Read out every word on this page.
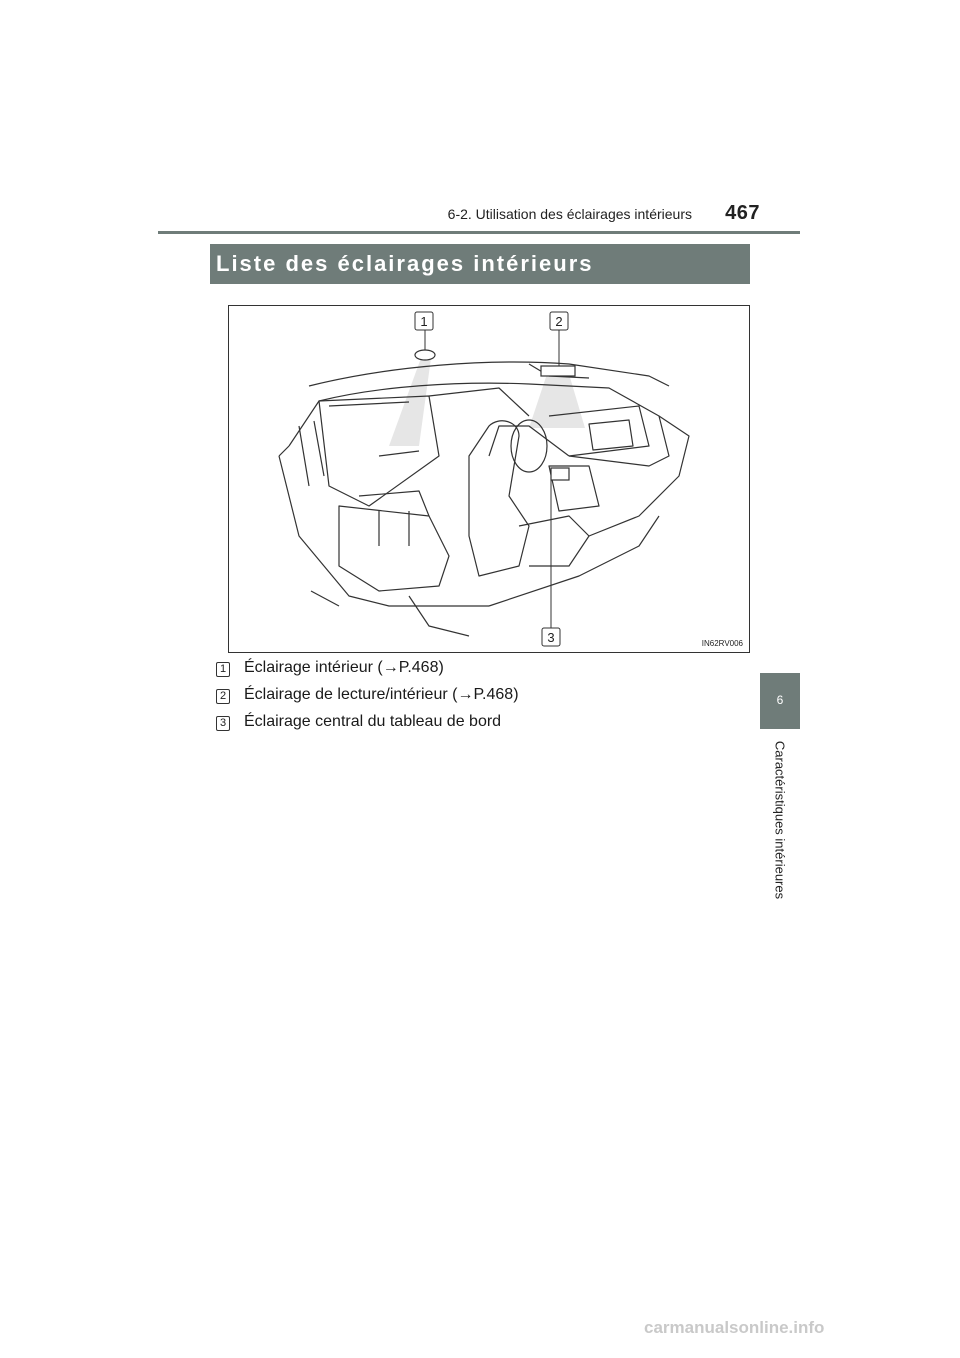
6-2. Utilisation des éclairages intérieurs	467
Liste des éclairages intérieurs
1	2
3	IN62RV006
1 Éclairage intérieur (→P.468)
2 Éclairage de lecture/intérieur (→P.468)
3 Éclairage central du tableau de bord
6
Caractéristiques intérieures
carmanualsonline.info
